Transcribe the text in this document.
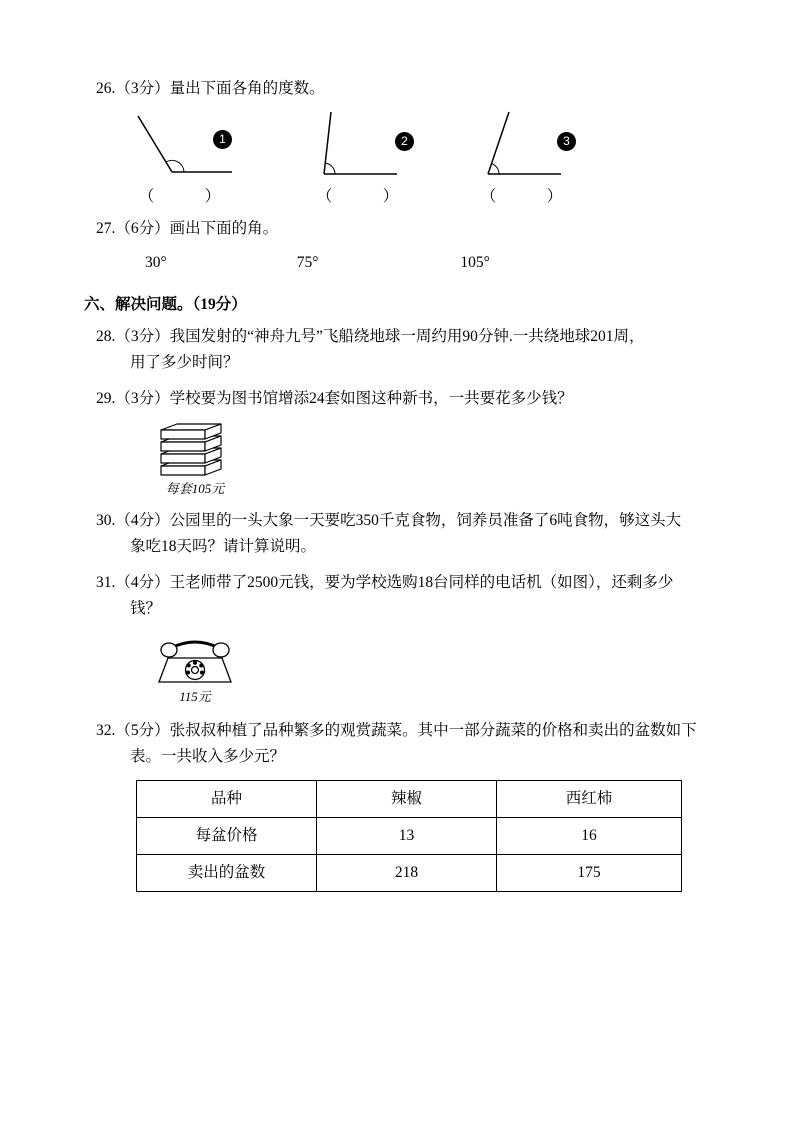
26.（3分）量出下面各角的度数。

1
（　　　）
2
（　　　）
3
（　　　）

27.（6分）画出下面的角。

30°	75°	105°

六、解决问题。（19分）

28.（3分）我国发射的“神舟九号”飞船绕地球一周约用90分钟.一共绕地球201周，

用了多少时间？

29.（3分）学校要为图书馆增添24套如图这种新书，一共要花多少钱？

每套105元

30.（4分）公园里的一头大象一天要吃350千克食物，饲养员准备了6吨食物，够这头大

象吃18天吗？请计算说明。

31.（4分）王老师带了2500元钱，要为学校选购18台同样的电话机（如图），还剩多少

钱？

115元

32.（5分）张叔叔种植了品种繁多的观赏蔬菜。其中一部分蔬菜的价格和卖出的盆数如下

表。一共收入多少元？

品种	辣椒	西红柿
每盆价格	13	16
卖出的盆数	218	175
